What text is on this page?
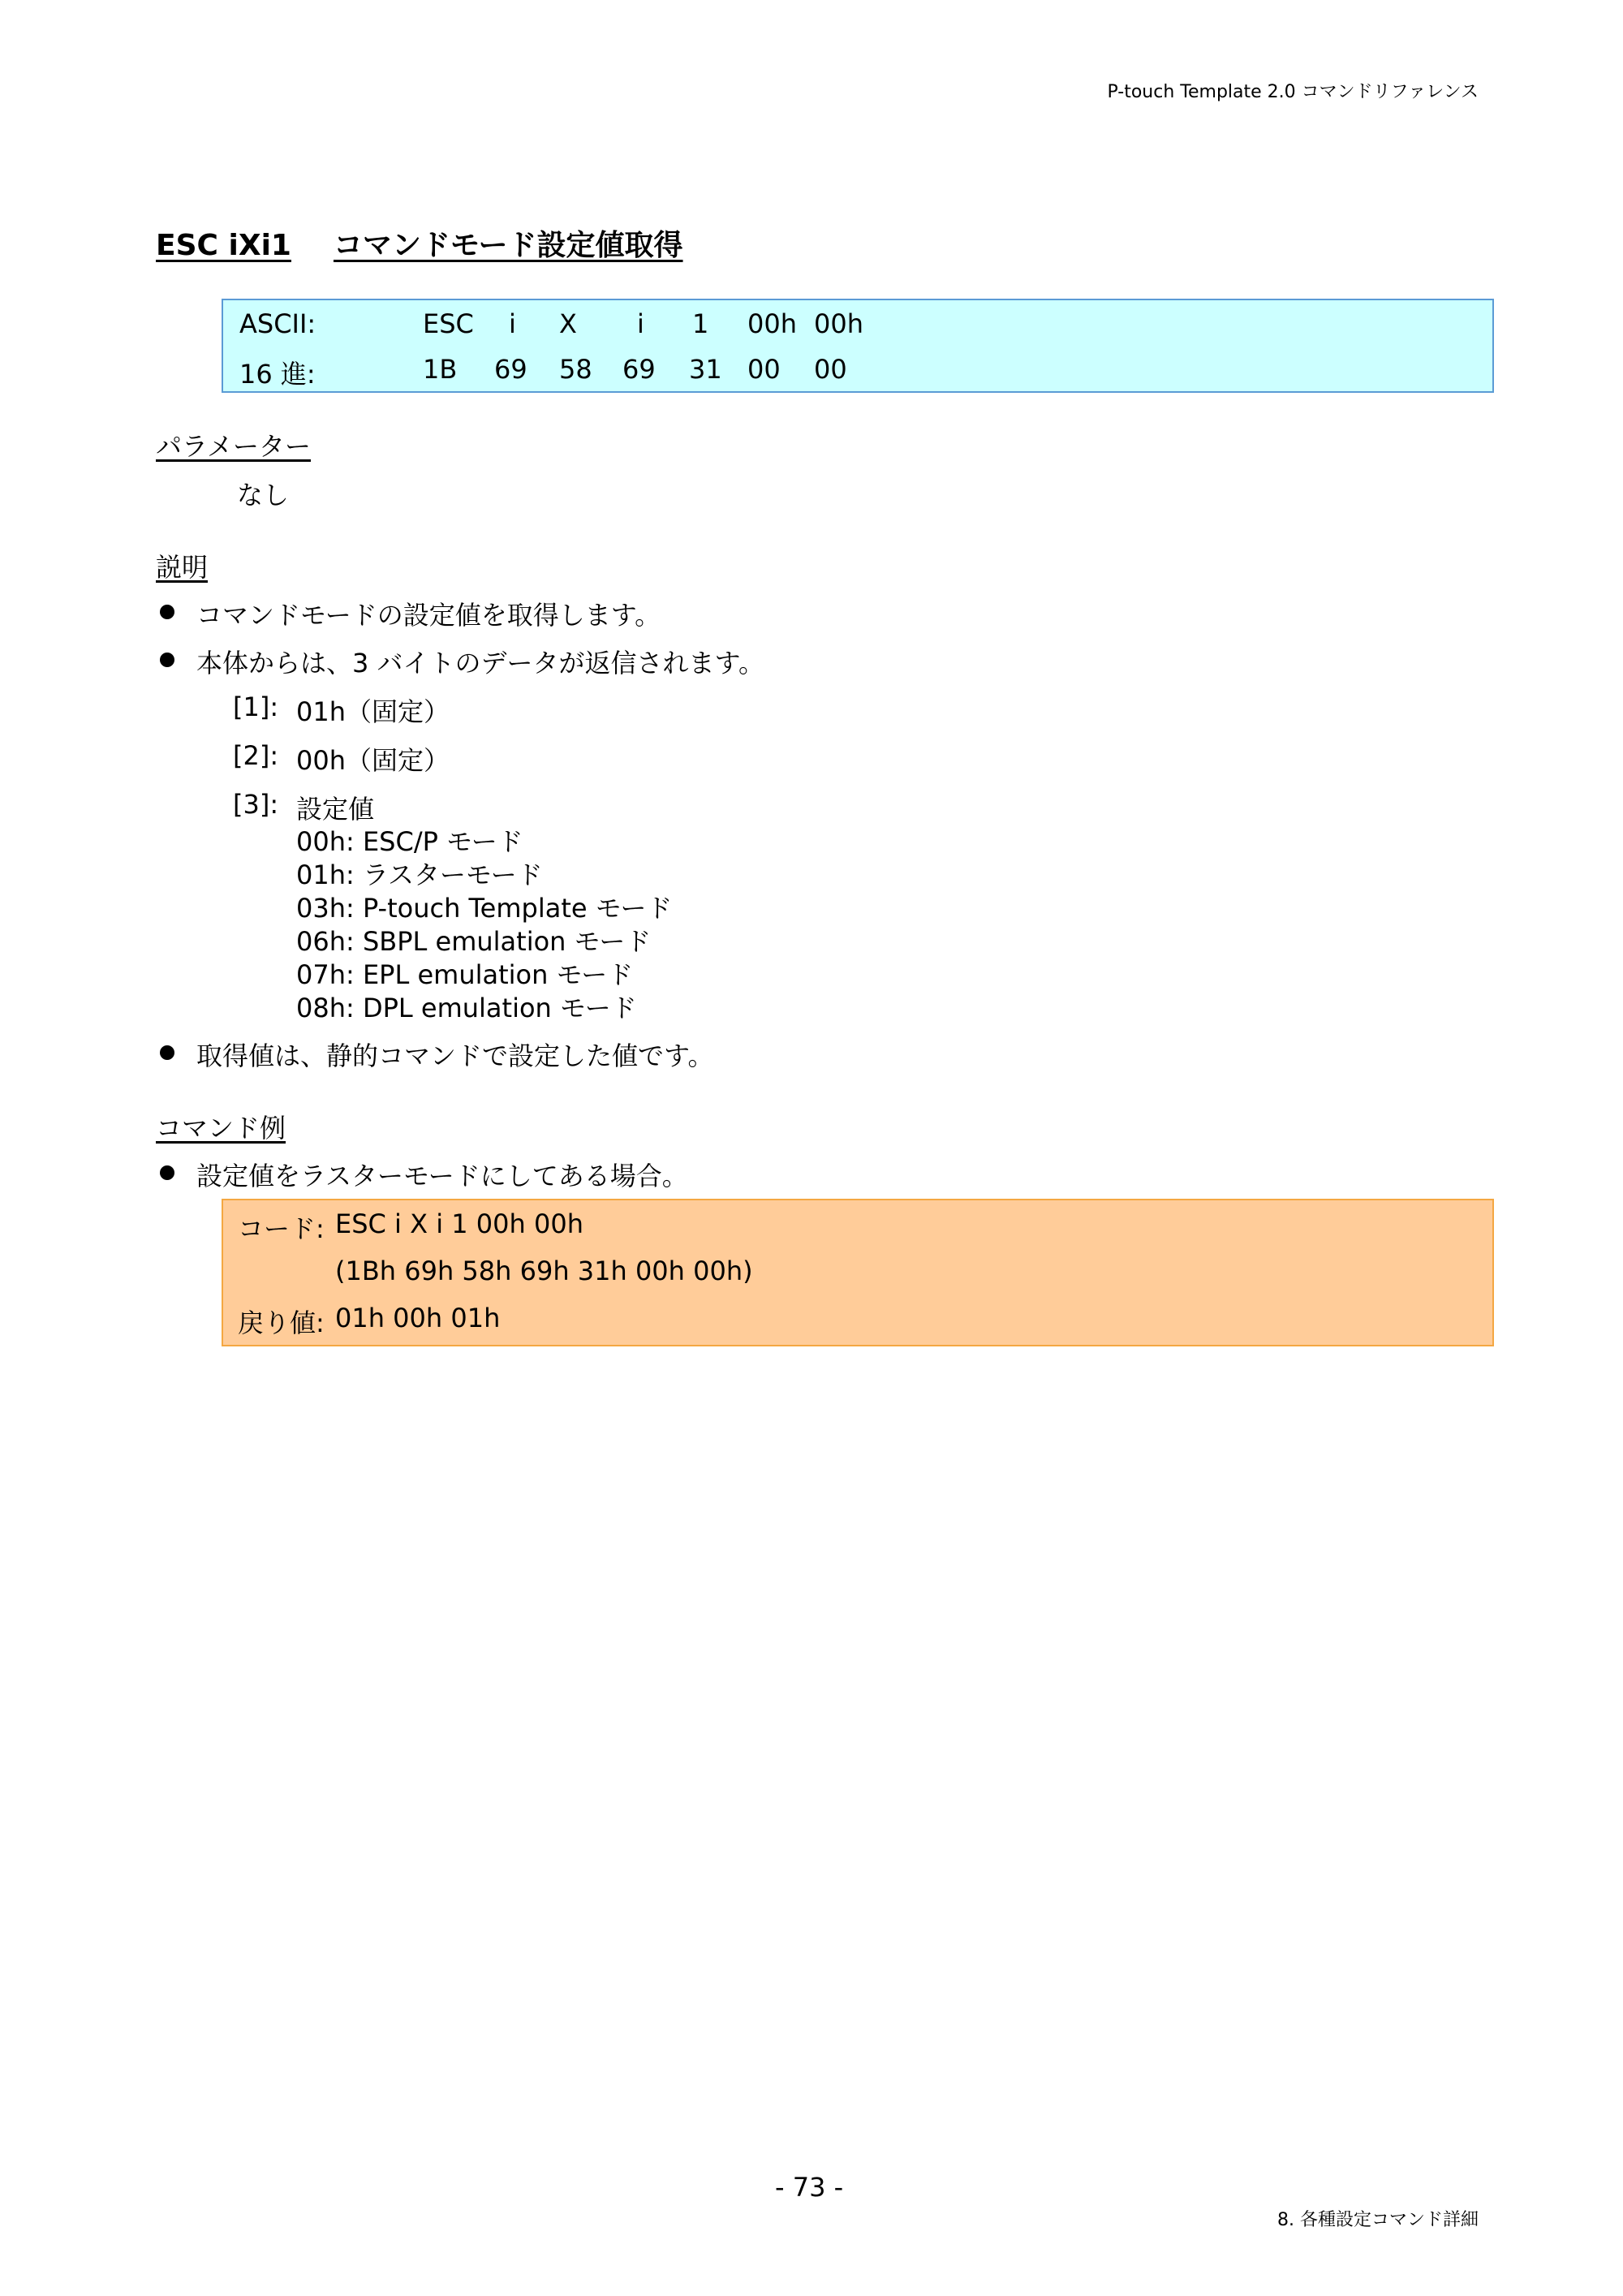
P-touch Template 2.0 コマンドリファレンス
ESC iXi1 コマンドモード設定値取得
ASCII:	ESC i X i 1 00h 00h
16 進:	1B 69 58 69 31 00 00
パラメーター
なし
説明
コマンドモードの設定値を取得します。
本体からは、3 バイトのデータが返信されます。
[1]: 01h（固定）
[2]: 00h（固定）
[3]: 設定値
00h: ESC/P モード
01h: ラスターモード
03h: P-touch Template モード
06h: SBPL emulation モード
07h: EPL emulation モード
08h: DPL emulation モード
取得値は、静的コマンドで設定した値です。
コマンド例
設定値をラスターモードにしてある場合。
コード: ESC i X i 1 00h 00h
(1Bh 69h 58h 69h 31h 00h 00h)
戻り値: 01h 00h 01h
- 73 -
8. 各種設定コマンド詳細
